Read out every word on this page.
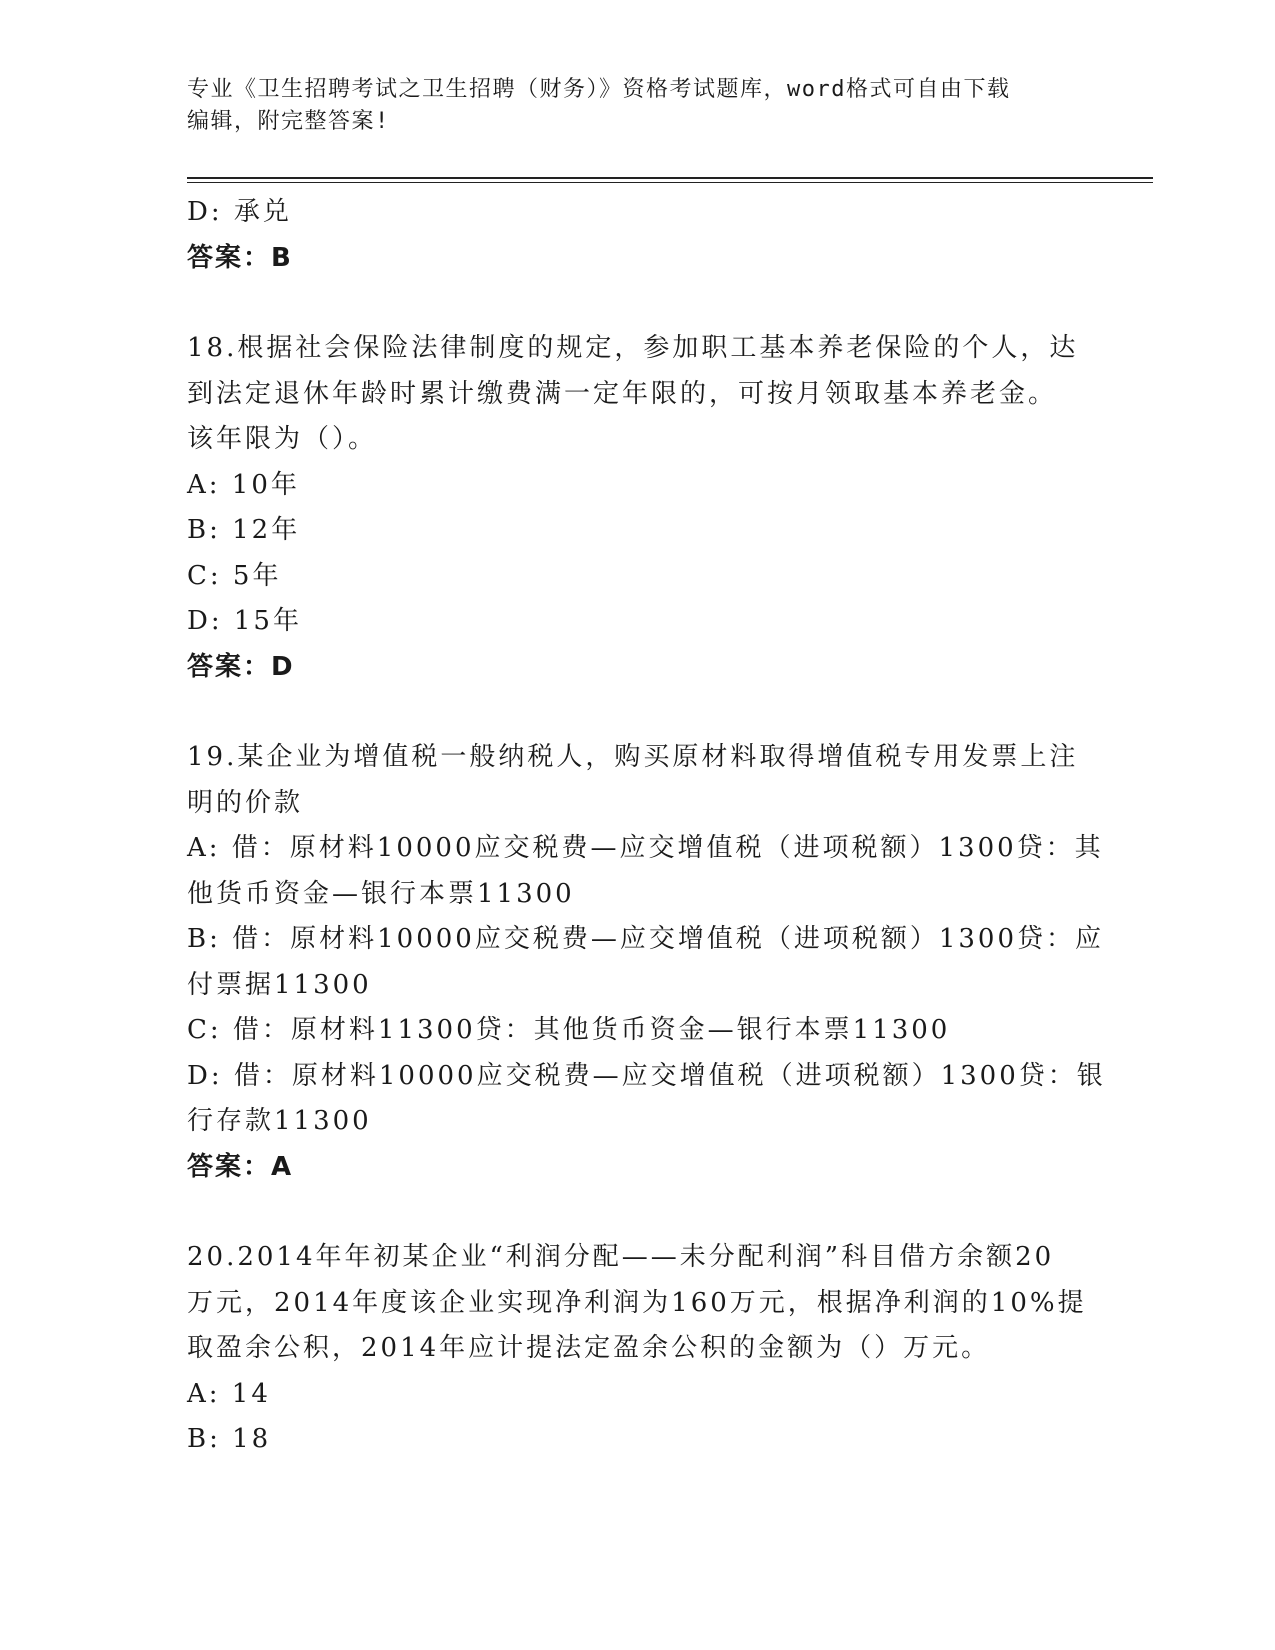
专业《卫生招聘考试之卫生招聘（财务）》资格考试题库，word格式可自由下载
编辑，附完整答案!
D: 承兑
答案：B
18.根据社会保险法律制度的规定，参加职工基本养老保险的个人，达
到法定退休年龄时累计缴费满一定年限的，可按月领取基本养老金。
该年限为（）。
A: 10年
B: 12年
C: 5年
D: 15年
答案：D
19.某企业为增值税一般纳税人，购买原材料取得增值税专用发票上注
明的价款
A: 借：原材料10000应交税费—应交增值税（进项税额）1300贷：其
他货币资金—银行本票11300
B: 借：原材料10000应交税费—应交增值税（进项税额）1300贷：应
付票据11300
C: 借：原材料11300贷：其他货币资金—银行本票11300
D: 借：原材料10000应交税费—应交增值税（进项税额）1300贷：银
行存款11300
答案：A
20.2014年年初某企业“利润分配——未分配利润”科目借方余额20
万元，2014年度该企业实现净利润为160万元，根据净利润的10%提
取盈余公积，2014年应计提法定盈余公积的金额为（）万元。
A: 14
B: 18
